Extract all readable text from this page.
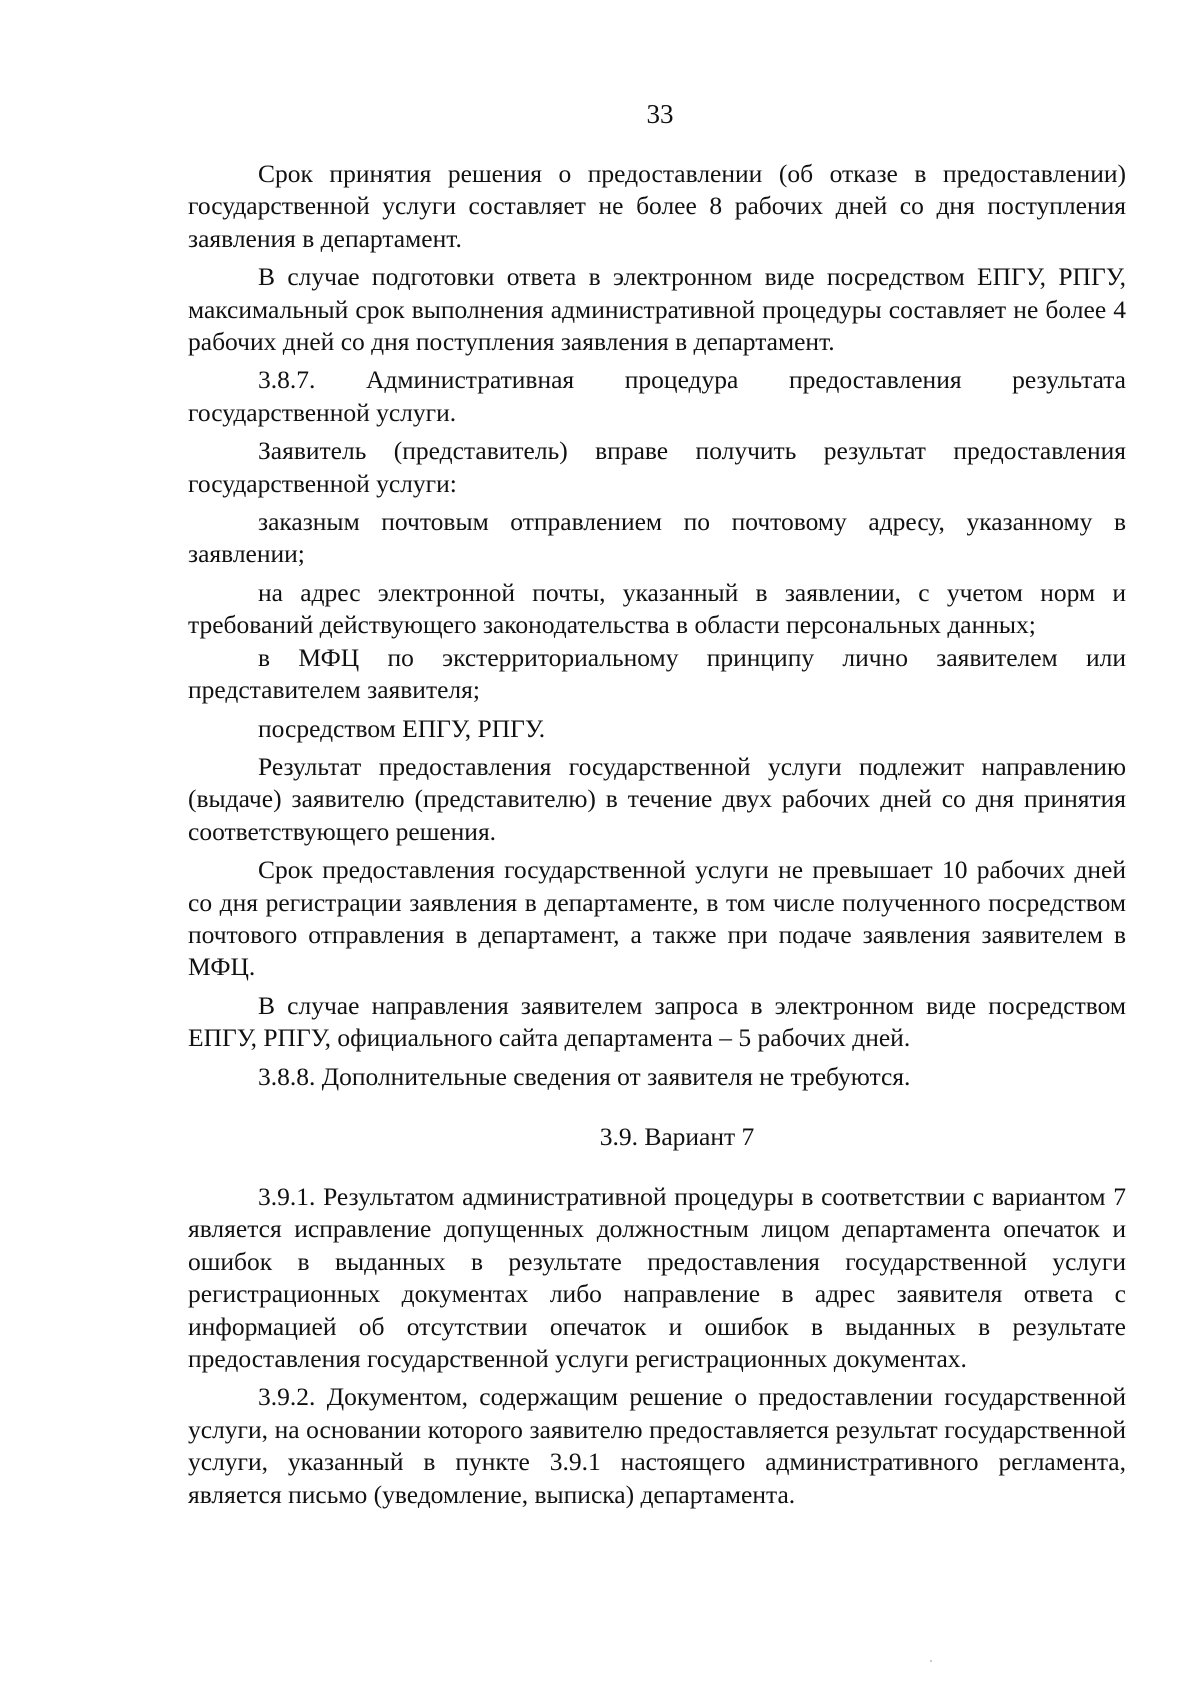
33

Срок принятия решения о предоставлении (об отказе в предоставлении) государственной услуги составляет не более 8 рабочих дней со дня поступления заявления в департамент.

В случае подготовки ответа в электронном виде посредством ЕПГУ, РПГУ, максимальный срок выполнения административной процедуры составляет не более 4 рабочих дней со дня поступления заявления в департамент.

3.8.7. Административная процедура предоставления результата государственной услуги.

Заявитель (представитель) вправе получить результат предоставления государственной услуги:

заказным почтовым отправлением по почтовому адресу, указанному в заявлении;

на адрес электронной почты, указанный в заявлении, с учетом норм и требований действующего законодательства в области персональных данных;

в МФЦ по экстерриториальному принципу лично заявителем или представителем заявителя;

посредством ЕПГУ, РПГУ.

Результат предоставления государственной услуги подлежит направлению (выдаче) заявителю (представителю) в течение двух рабочих дней со дня принятия соответствующего решения.

Срок предоставления государственной услуги не превышает 10 рабочих дней со дня регистрации заявления в департаменте, в том числе полученного посредством почтового отправления в департамент, а также при подаче заявления заявителем в МФЦ.

В случае направления заявителем запроса в электронном виде посредством ЕПГУ, РПГУ, официального сайта департамента – 5 рабочих дней.

3.8.8. Дополнительные сведения от заявителя не требуются.

3.9. Вариант 7

3.9.1. Результатом административной процедуры в соответствии с вариантом 7 является исправление допущенных должностным лицом департамента опечаток и ошибок в выданных в результате предоставления государственной услуги регистрационных документах либо направление в адрес заявителя ответа с информацией об отсутствии опечаток и ошибок в выданных в результате предоставления государственной услуги регистрационных документах.

3.9.2. Документом, содержащим решение о предоставлении государственной услуги, на основании которого заявителю предоставляется результат государственной услуги, указанный в пункте 3.9.1 настоящего административного регламента, является письмо (уведомление, выписка) департамента.
